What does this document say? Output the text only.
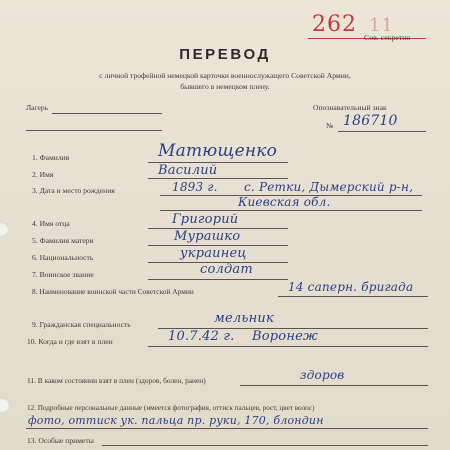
262 11
Сов. секретно
ПЕРЕВОД
с личной трофейной немецкой карточки военнослужащего Советской Армии,
бывшего в немецком плену.
Лагерь	Опознавательный знак
№ 186710
1. Фамилия	Матющенко
2. Имя	Василий
3. Дата и место рождения	1893 г. с. Ретки, Дымерский р-н,
Киевская обл.
4. Имя отца	Григорий
5. Фамилия матери	Мурашко
6. Национальность	украинец
7. Воинское звание	солдат
8. Наименование воинской части Советской Армии	14 саперн. бригада
9. Гражданская специальность	мельник
10. Когда и где взят в плен	10.7.42 г. Воронеж
11. В каком состоянии взят в плен (здоров, болен, ранен)	здоров
12. Подробные персональные данные (имеется фотография, оттиск пальцев, рост, цвет волос)
фото, оттиск ук. пальца пр. руки, 170, блондин
13. Особые приметы
